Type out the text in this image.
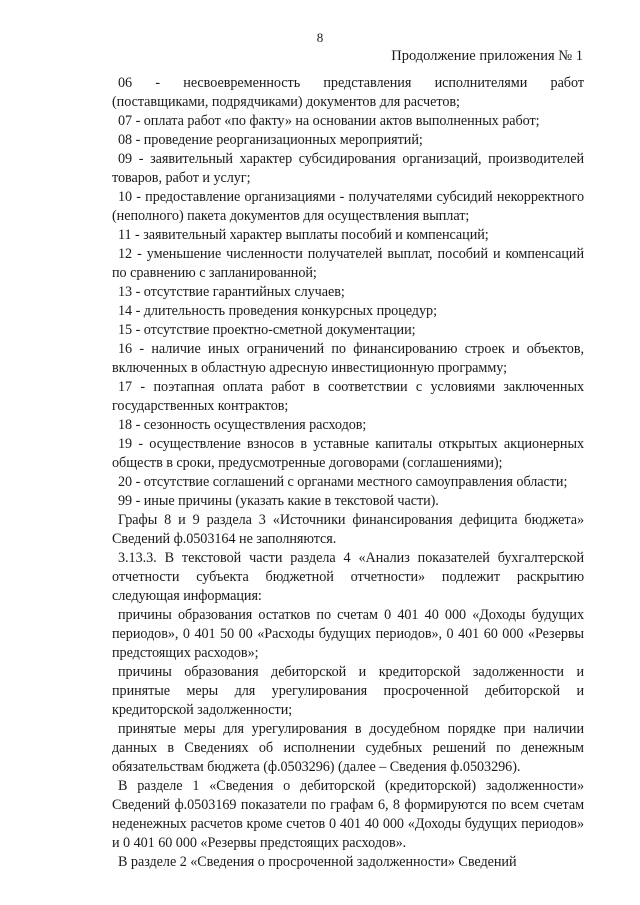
8
Продолжение приложения № 1

06 - несвоевременность представления исполнителями работ (поставщиками, подрядчиками) документов для расчетов;

07 - оплата работ «по факту» на основании актов выполненных работ;

08 - проведение реорганизационных мероприятий;

09 - заявительный характер субсидирования организаций, производителей товаров, работ и услуг;

10 - предоставление организациями - получателями субсидий некорректного (неполного) пакета документов для осуществления выплат;

11 - заявительный характер выплаты пособий и компенсаций;

12 - уменьшение численности получателей выплат, пособий и компенсаций по сравнению с запланированной;

13 - отсутствие гарантийных случаев;

14 - длительность проведения конкурсных процедур;

15 - отсутствие проектно-сметной документации;

16 - наличие иных ограничений по финансированию строек и объектов, включенных в областную адресную инвестиционную программу;

17 - поэтапная оплата работ в соответствии с условиями заключенных государственных контрактов;

18 - сезонность осуществления расходов;

19 - осуществление взносов в уставные капиталы открытых акционерных обществ в сроки, предусмотренные договорами (соглашениями);

20 - отсутствие соглашений с органами местного самоуправления области;

99 - иные причины (указать какие в текстовой части).

Графы 8 и 9 раздела 3 «Источники финансирования дефицита бюджета» Сведений ф.0503164 не заполняются.

3.13.3. В текстовой части раздела 4 «Анализ показателей бухгалтерской отчетности субъекта бюджетной отчетности» подлежит раскрытию следующая информация:

причины образования остатков по счетам 0 401 40 000 «Доходы будущих периодов», 0 401 50 00 «Расходы будущих периодов», 0 401 60 000 «Резервы предстоящих расходов»;

причины образования дебиторской и кредиторской задолженности и принятые меры для урегулирования просроченной дебиторской и кредиторской задолженности;

принятые меры для урегулирования в досудебном порядке при наличии данных в Сведениях об исполнении судебных решений по денежным обязательствам бюджета (ф.0503296) (далее – Сведения ф.0503296).

В разделе 1 «Сведения о дебиторской (кредиторской) задолженности» Сведений ф.0503169 показатели по графам 6, 8 формируются по всем счетам неденежных расчетов кроме счетов 0 401 40 000 «Доходы будущих периодов» и 0 401 60 000 «Резервы предстоящих расходов».

В разделе 2 «Сведения о просроченной задолженности» Сведений
